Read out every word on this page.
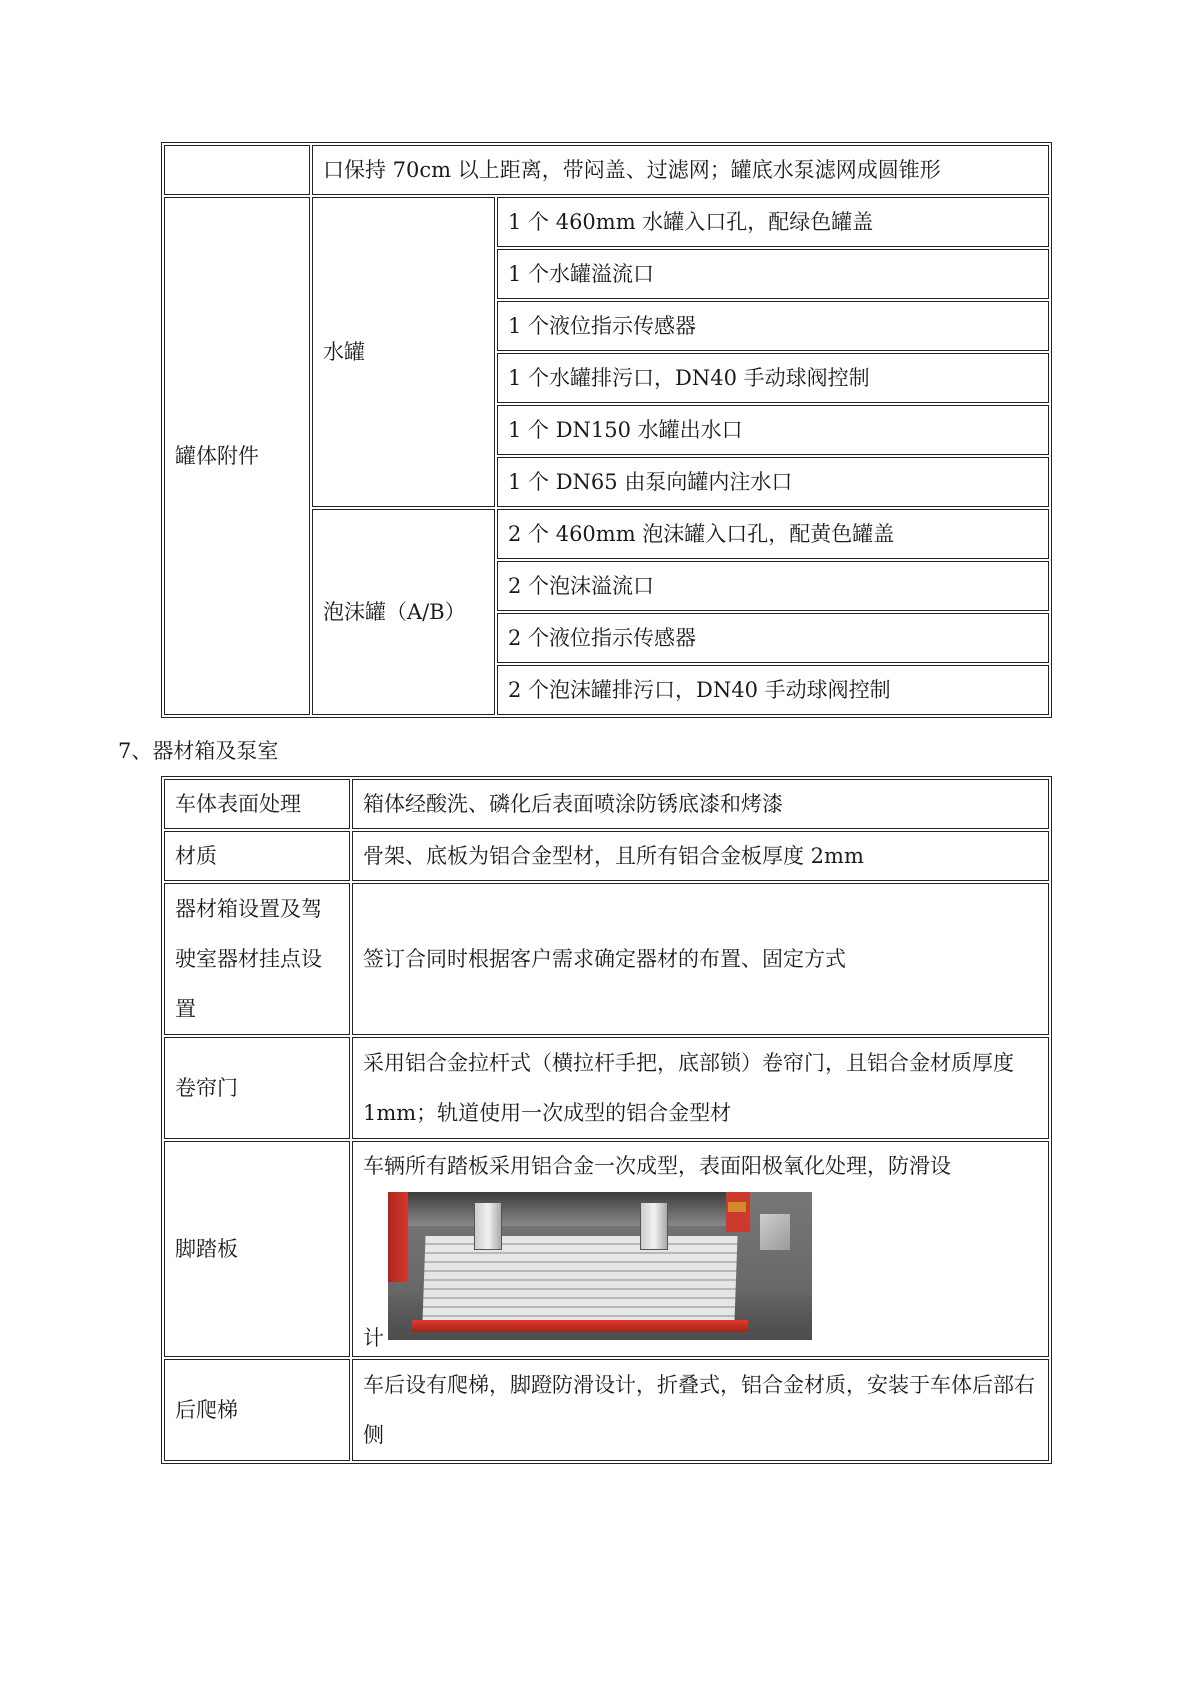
	口保持 70cm 以上距离，带闷盖、过滤网；罐底水泵滤网成圆锥形	
罐体附件	水罐	1 个 460mm 水罐入口孔，配绿色罐盖
		1 个水罐溢流口
		1 个液位指示传感器
		1 个水罐排污口，DN40 手动球阀控制
		1 个 DN150 水罐出水口
		1 个 DN65 由泵向罐内注水口
	泡沫罐（A/B）	2 个 460mm 泡沫罐入口孔，配黄色罐盖
		2 个泡沫溢流口
		2 个液位指示传感器
		2 个泡沫罐排污口，DN40 手动球阀控制
7、器材箱及泵室
车体表面处理	箱体经酸洗、磷化后表面喷涂防锈底漆和烤漆
材质	骨架、底板为铝合金型材，且所有铝合金板厚度 2mm
器材箱设置及驾驶室器材挂点设置	签订合同时根据客户需求确定器材的布置、固定方式
卷帘门	采用铝合金拉杆式（横拉杆手把，底部锁）卷帘门，且铝合金材质厚度 1mm；轨道使用一次成型的铝合金型材
脚踏板	车辆所有踏板采用铝合金一次成型，表面阳极氧化处理，防滑设
计

后爬梯	车后设有爬梯，脚蹬防滑设计，折叠式，铝合金材质，安装于车体后部右侧
